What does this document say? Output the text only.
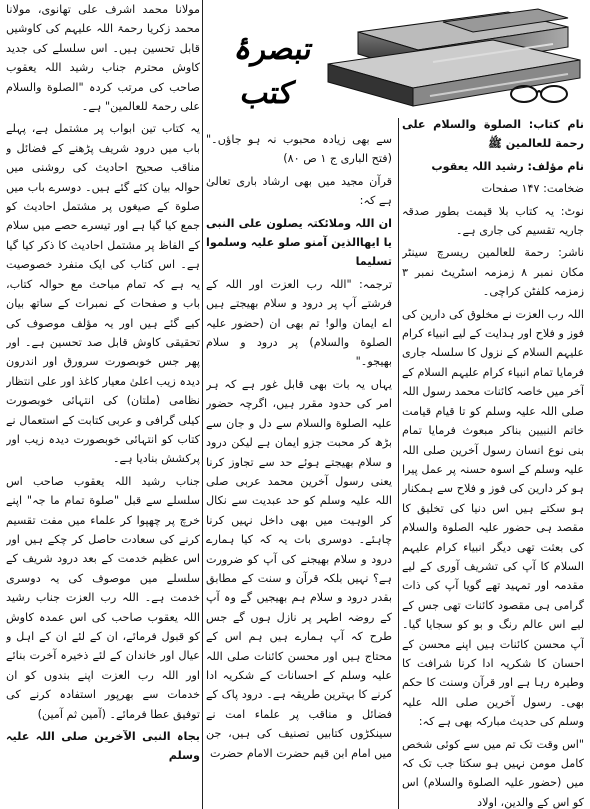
تبصرۂ کتب

نام کتاب: الصلوة والسلام علی رحمة للعالمین ﷺ

نام مؤلف: رشید اللہ یعقوب

ضخامت: ۱۴۷ صفحات

نوٹ: یہ کتاب بلا قیمت بطور صدقہ جاریہ تقسیم کی جاری ہے۔

ناشر: رحمة للعالمین ریسرچ سینٹر مکان نمبر ۸ زمزمہ اسٹریٹ نمبر ۳ زمزمہ کلفٹن کراچی۔

اللہ رب العزت نے مخلوق کی دارین کی فوز و فلاح اور ہدایت کے لیے انبیاء کرام علیہم السلام کے نزول کا سلسلہ جاری فرمایا تمام انبیاء کرام علیہم السلام کے آخر میں خاصہ کائنات محمد رسول اللہ صلی اللہ علیہ وسلم کو تا قیام قیامت خاتم النبیین بناکر مبعوث فرمایا تمام بنی نوع انسان رسول آخرین صلی اللہ علیہ وسلم کے اسوہ حسنہ پر عمل پیرا ہو کر دارین کی فوز و فلاح سے ہمکنار ہو سکتے ہیں اس دنیا کی تخلیق کا مقصد ہی حضور علیہ الصلوة والسلام کی بعثت تھی دیگر انبیاء کرام علیہم السلام کا آپ کی تشریف آوری کے لیے مقدمہ اور تمہید تھے گویا آپ کی ذات گرامی ہی مقصود کائنات تھی جس کے لیے اس عالم رنگ و بو کو سجایا گیا۔ آپ محسن کائنات ہیں اپنے محسن کے احسان کا شکریہ ادا کرنا شرافت کا وطیرہ رہا ہے اور قرآن وسنت کا حکم بھی۔ رسول آخرین صلی اللہ علیہ وسلم کی حدیث مبارکہ بھی ہے کہ:

"اس وقت تک تم میں سے کوئی شخص کامل مومن نہیں ہو سکتا جب تک کہ میں (حضور علیہ الصلوة والسلام) اس کو اس کے والدین، اولاد

سے بھی زیادہ محبوب نہ ہو جاؤں۔" (فتح الباری ج ۱ ص ۸۰)

قرآن مجید میں بھی ارشاد باری تعالیٰ ہے کہ:

ان اللہ وملائکتہ یصلون علی النبی یا ایھاالذین آمنو صلو علیہ وسلموا تسلیما

ترجمہ: "اللہ رب العزت اور اللہ کے فرشتے آپ پر درود و سلام بھیجتے ہیں اے ایمان والو! تم بھی ان (حضور علیہ الصلوة والسلام) پر درود و سلام بھیجو۔"

یہاں یہ بات بھی قابل غور ہے کہ ہر امر کی حدود مقرر ہیں، اگرچہ حضور علیہ الصلوة والسلام سے دل و جان سے بڑھ کر محبت جزو ایمان ہے لیکن درود و سلام بھیجتے ہوئے حد سے تجاوز کرنا یعنی رسول آخرین محمد عربی صلی اللہ علیہ وسلم کو حد عبدیت سے نکال کر الوہیت میں بھی داخل نہیں کرنا چاہئے۔ دوسری بات یہ کہ کیا ہمارے درود و سلام بھیجنے کی آپ کو ضرورت ہے؟ نہیں بلکہ قرآن و سنت کے مطابق بقدر درود و سلام ہم بھیجیں گے وہ آپ کے روضہ اطہر پر نازل ہوں گے جس طرح کہ آپ ہمارے ہیں ہم اس کے محتاج ہیں اور محسن کائنات صلی اللہ علیہ وسلم کے احسانات کے شکریہ ادا کرنے کا بہترین طریقہ ہے۔ درود پاک کے فضائل و مناقب پر علماء امت نے سینکڑوں کتابیں تصنیف کی ہیں، جن میں امام ابن قیم حضرت الامام حضرت

مولانا محمد اشرف علی تھانوی، مولانا محمد زکریا رحمۃ اللہ علیہم کی کاوشیں قابل تحسین ہیں۔ اس سلسلے کی جدید کاوش محترم جناب رشید اللہ یعقوب صاحب کی مرتب کردہ "الصلوة والسلام علی رحمۃ للعالمین" ہے۔

یہ کتاب تین ابواب پر مشتمل ہے، پہلے باب میں درود شریف پڑھنے کے فضائل و مناقب صحیح احادیث کی روشنی میں حوالہ بیان کئے گئے ہیں۔ دوسرے باب میں صلوة کے صیغوں پر مشتمل احادیث کو جمع کیا گیا ہے اور تیسرے حصے میں سلام کے الفاظ پر مشتمل احادیث کا ذکر کیا گیا ہے۔ اس کتاب کی ایک منفرد خصوصیت یہ ہے کہ تمام مباحث مع حوالہ کتاب، باب و صفحات کے نمبرات کے ساتھ بیان کیے گئے ہیں اور یہ مؤلف موصوف کی تحقیقی کاوش قابل صد تحسین ہے۔ اور پھر جس خوبصورت سرورق اور اندرون دیدہ زیب اعلیٰ معیار کاغذ اور علی انتظار نظامی (ملتان) کی انتہائی خوبصورت کیلی گرافی و عربی کتابت کے استعمال نے کتاب کو انتہائی خوبصورت دیدہ زیب اور پرکشش بنادیا ہے۔

جناب رشید اللہ یعقوب صاحب اس سلسلے سے قبل "صلوة تمام ما جہ" اپنے خرچ پر چھپوا کر علماء میں مفت تقسیم کرنے کی سعادت حاصل کر چکے ہیں اور اس عظیم خدمت کے بعد درود شریف کے سلسلے میں موصوف کی یہ دوسری خدمت ہے۔ اللہ رب العزت جناب رشید اللہ یعقوب صاحب کی اس عمدہ کاوش کو قبول فرمائے، ان کے لئے ان کے اہل و عیال اور خاندان کے لئے ذخیرہ آخرت بنائے اور اللہ رب العزت اپنے بندوں کو ان خدمات سے بھرپور استفادہ کرنے کی توفیق عطا فرمائے۔ (آمین ثم آمین)

بجاہ النبی الآخرین صلی اللہ علیہ وسلم
